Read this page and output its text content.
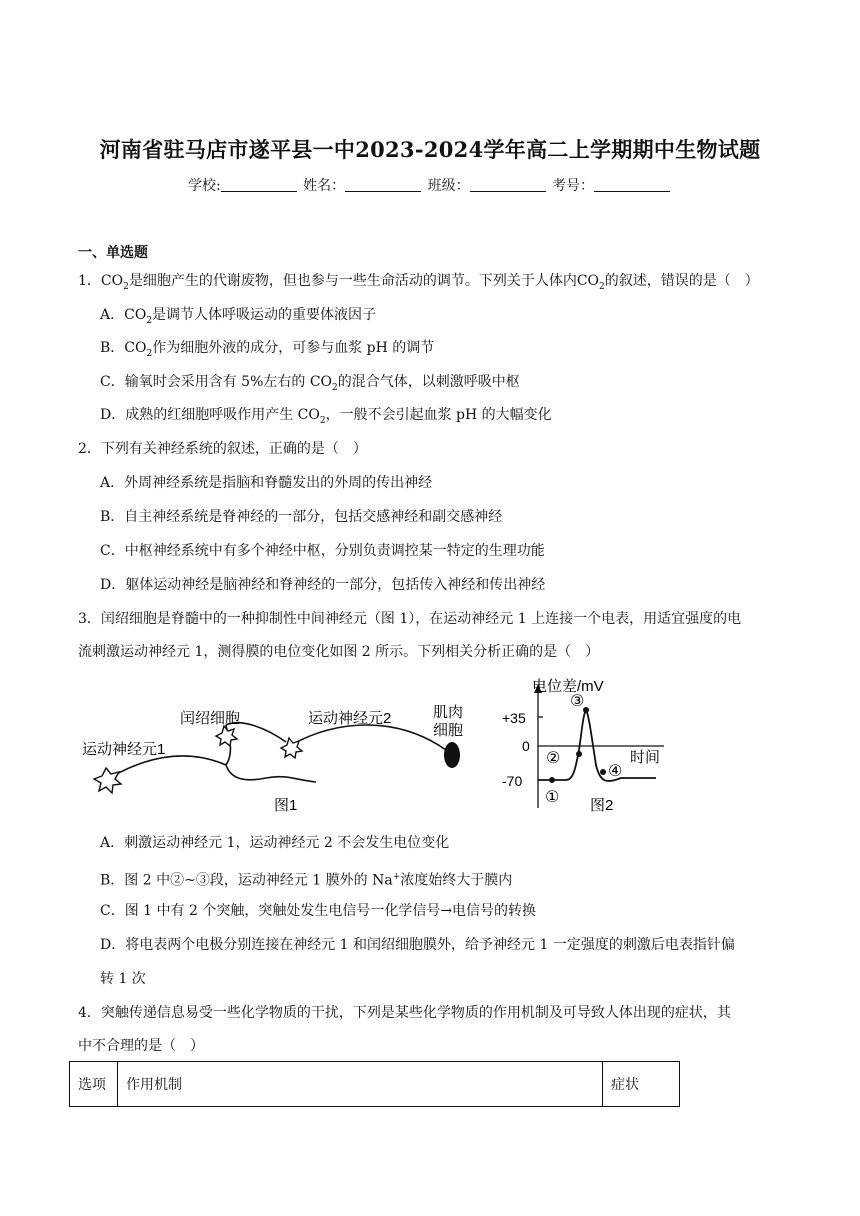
河南省驻马店市遂平县一中2023-2024学年高二上学期期中生物试题
学校:	姓名：	班级：	考号：
一、单选题
1．$CO_2$是细胞产生的代谢废物，但也参与一些生命活动的调节。下列关于人体内$CO_2$的叙述，错误的是（　）
A．$CO_2$是调节人体呼吸运动的重要体液因子
B．$CO_2$作为细胞外液的成分，可参与血浆 pH 的调节
C．输氧时会采用含有 5%左右的 $CO_2$的混合气体，以刺激呼吸中枢
D．成熟的红细胞呼吸作用产生 $CO_2$，一般不会引起血浆 pH 的大幅变化
2．下列有关神经系统的叙述，正确的是（　）
A．外周神经系统是指脑和脊髓发出的外周的传出神经
B．自主神经系统是脊神经的一部分，包括交感神经和副交感神经
C．中枢神经系统中有多个神经中枢，分别负责调控某一特定的生理功能
D．躯体运动神经是脑神经和脊神经的一部分，包括传入神经和传出神经
3．闰绍细胞是脊髓中的一种抑制性中间神经元（图 1），在运动神经元 1 上连接一个电表，用适宜强度的电
流刺激运动神经元 1，测得膜的电位变化如图 2 所示。下列相关分析正确的是（　）
闰绍细胞	运动神经元2	肌肉
细胞
运动神经元1
图1
电位差/mV
时间
+35
0
-70
①
②
③
④
图2
A．刺激运动神经元 1，运动神经元 2 不会发生电位变化
B．图 2 中②~③段，运动神经元 1 膜外的 Na+浓度始终大于膜内
C．图 1 中有 2 个突触，突触处发生电信号一化学信号→电信号的转换
D．将电表两个电极分别连接在神经元 1 和闰绍细胞膜外，给予神经元 1 一定强度的刺激后电表指针偏
转 1 次
4．突触传递信息易受一些化学物质的干扰，下列是某些化学物质的作用机制及可导致人体出现的症状，其
中不合理的是（　）
选项	作用机制	症状
